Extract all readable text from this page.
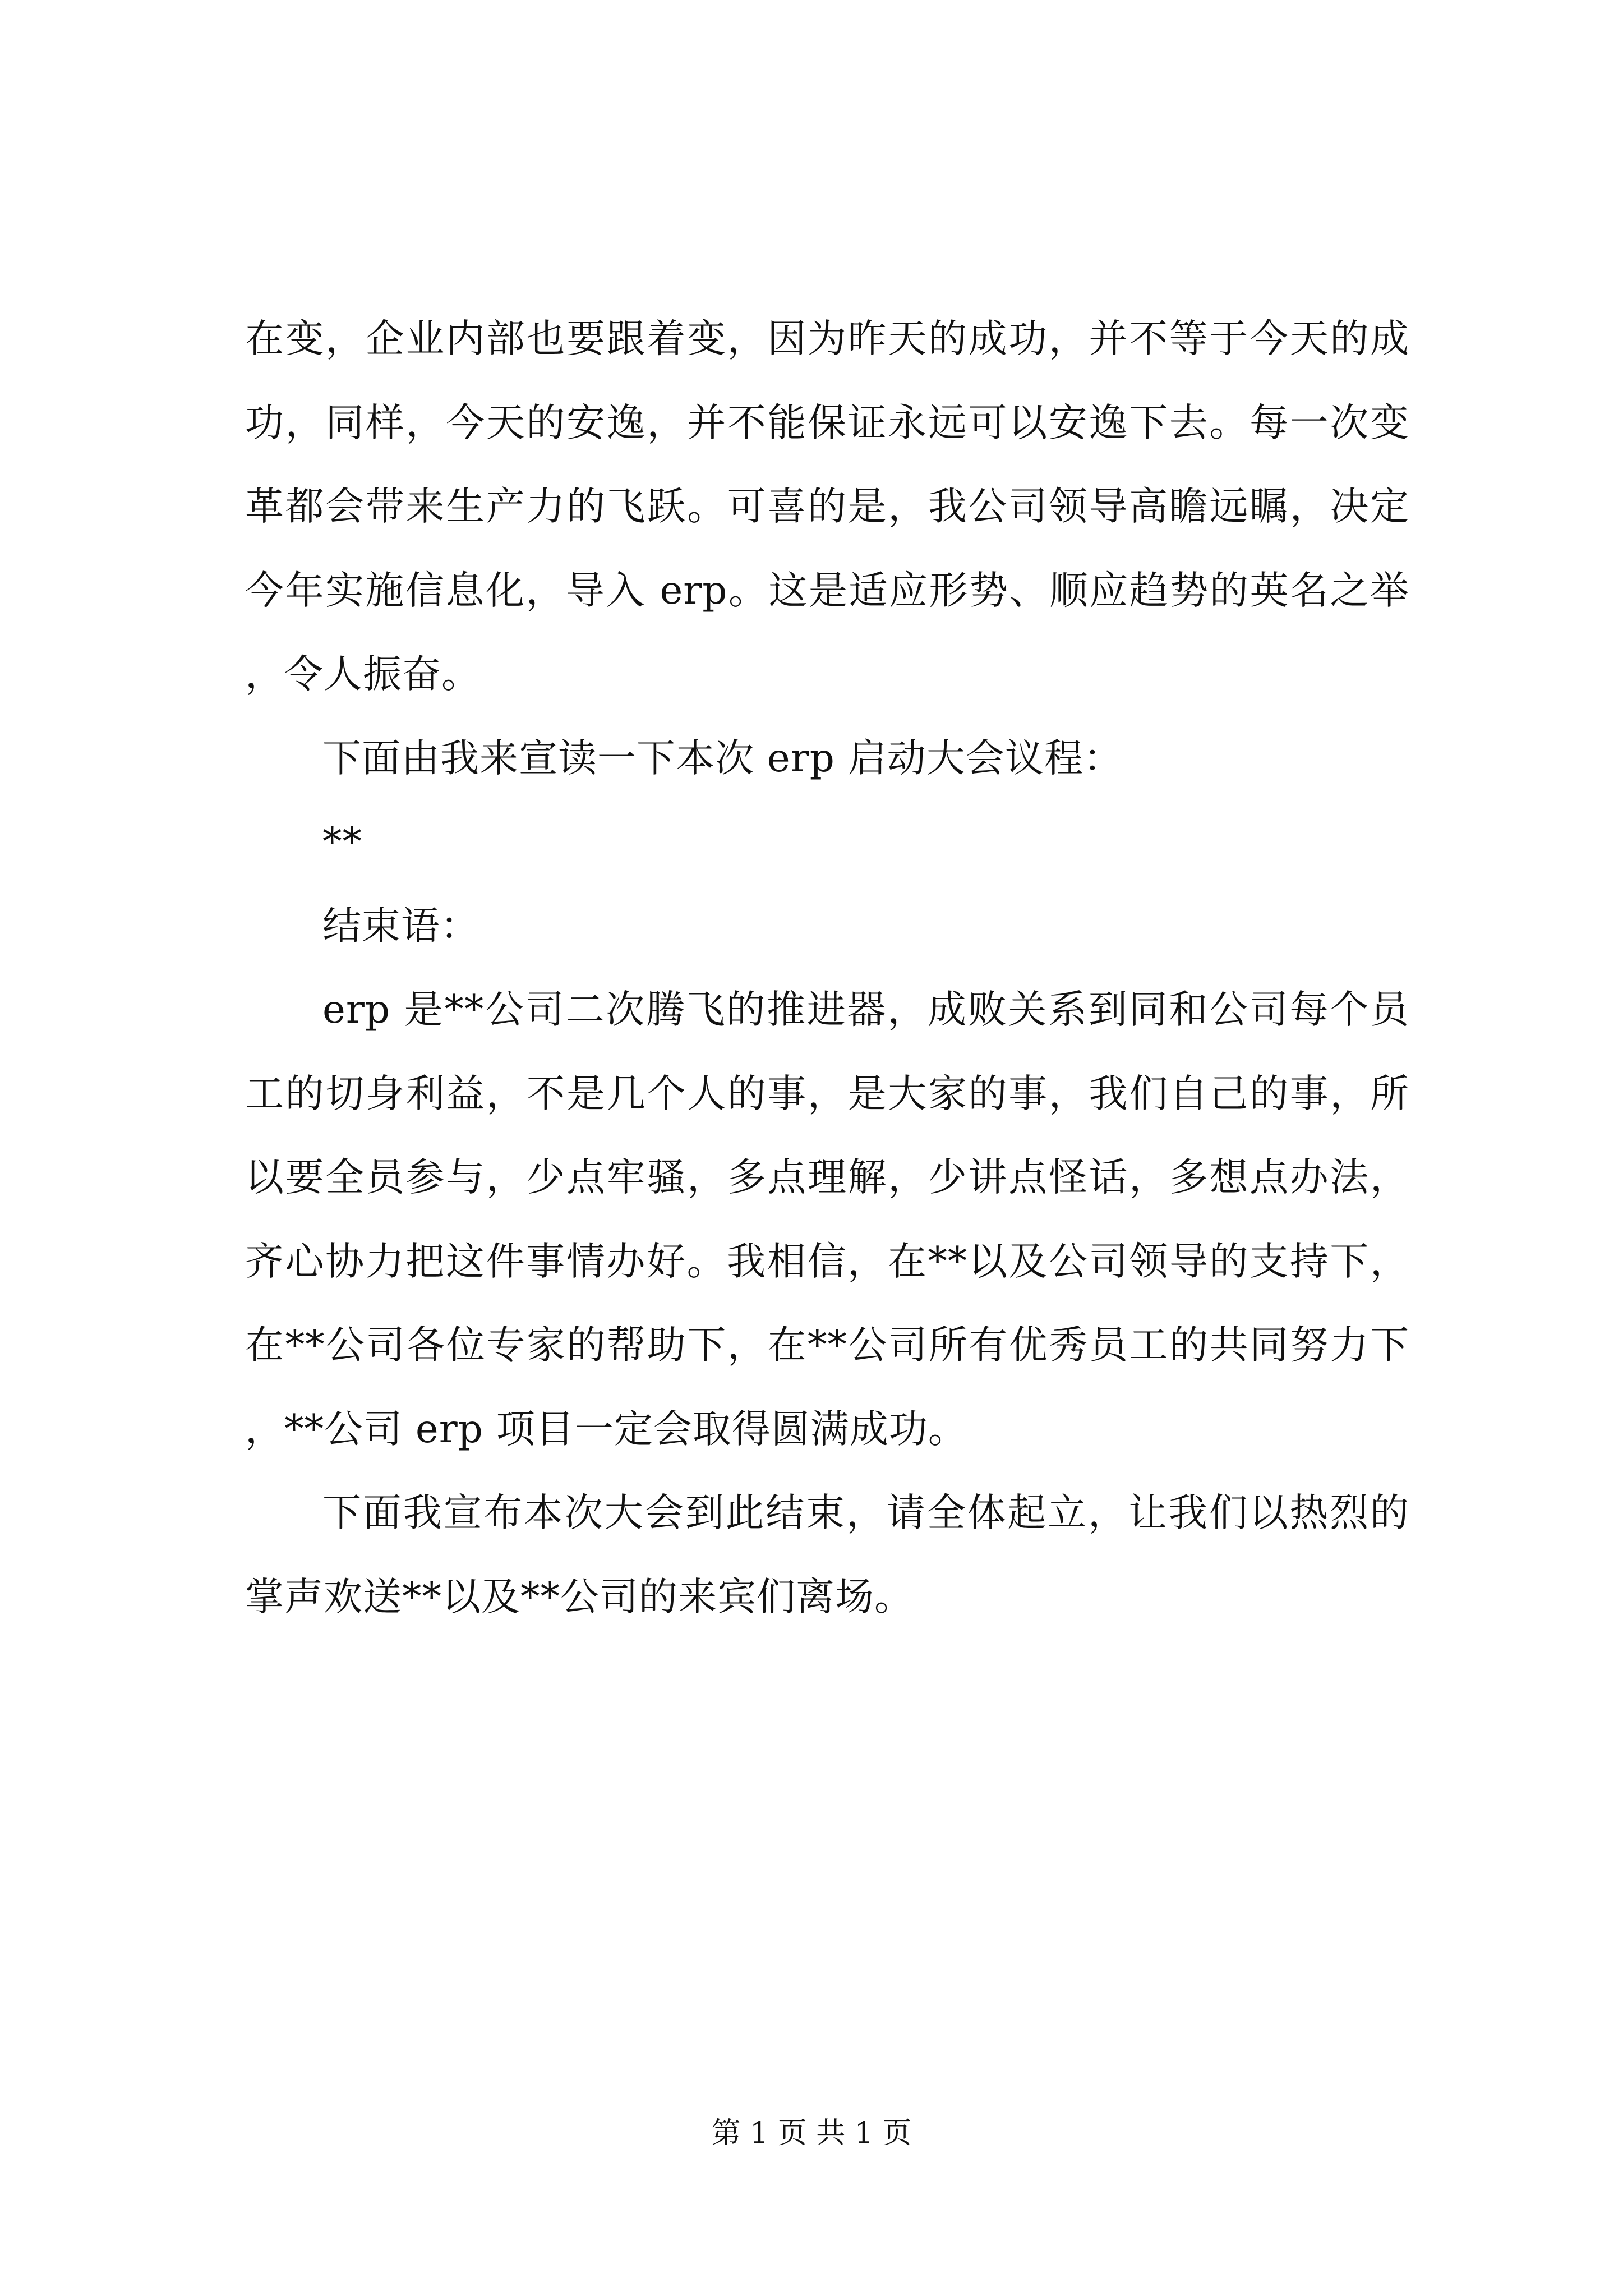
在变，企业内部也要跟着变，因为昨天的成功，并不等于今天的成功，同样，今天的安逸，并不能保证永远可以安逸下去。每一次变革都会带来生产力的飞跃。可喜的是，我公司领导高瞻远瞩，决定今年实施信息化，导入 erp。这是适应形势、顺应趋势的英名之举，令人振奋。

下面由我来宣读一下本次 erp 启动大会议程：

**

结束语：

erp 是**公司二次腾飞的推进器，成败关系到同和公司每个员工的切身利益，不是几个人的事，是大家的事，我们自己的事，所以要全员参与，少点牢骚，多点理解，少讲点怪话，多想点办法，齐心协力把这件事情办好。我相信，在**以及公司领导的支持下，在**公司各位专家的帮助下，在**公司所有优秀员工的共同努力下，**公司 erp 项目一定会取得圆满成功。

下面我宣布本次大会到此结束，请全体起立，让我们以热烈的掌声欢送**以及**公司的来宾们离场。

第 1 页 共 1 页
